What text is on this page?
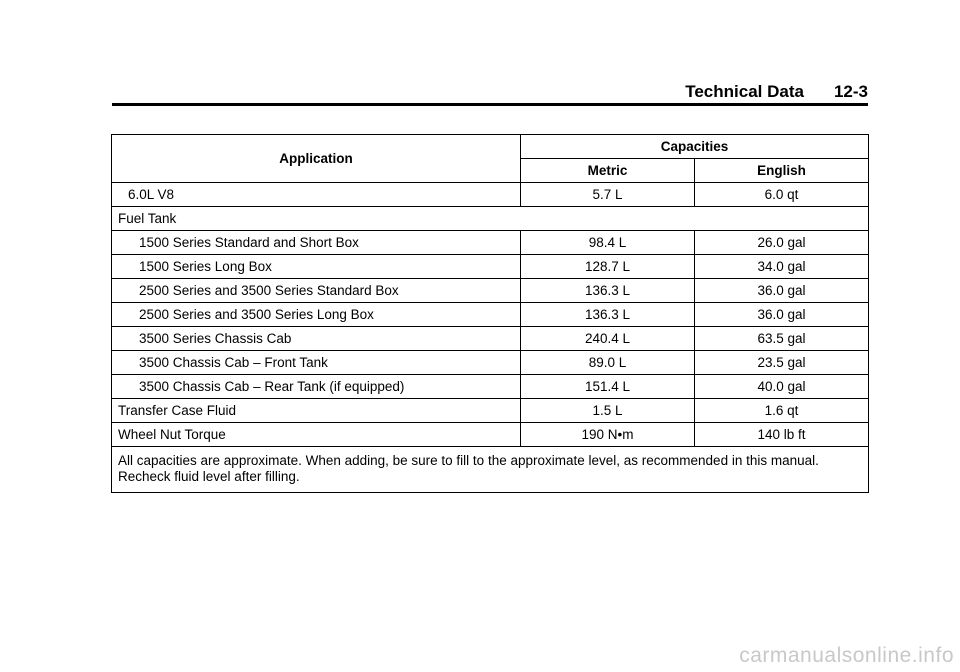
Technical Data 12-3
Application	Capacities	
	Metric	English
6.0L V8	5.7 L	6.0 qt
Fuel Tank		
1500 Series Standard and Short Box	98.4 L	26.0 gal
1500 Series Long Box	128.7 L	34.0 gal
2500 Series and 3500 Series Standard Box	136.3 L	36.0 gal
2500 Series and 3500 Series Long Box	136.3 L	36.0 gal
3500 Series Chassis Cab	240.4 L	63.5 gal
3500 Chassis Cab – Front Tank	89.0 L	23.5 gal
3500 Chassis Cab – Rear Tank (if equipped)	151.4 L	40.0 gal
Transfer Case Fluid	1.5 L	1.6 qt
Wheel Nut Torque	190 N•m	140 lb ft
All capacities are approximate. When adding, be sure to fill to the approximate level, as recommended in this manual. Recheck fluid level after filling.		
carmanualsonline.info
